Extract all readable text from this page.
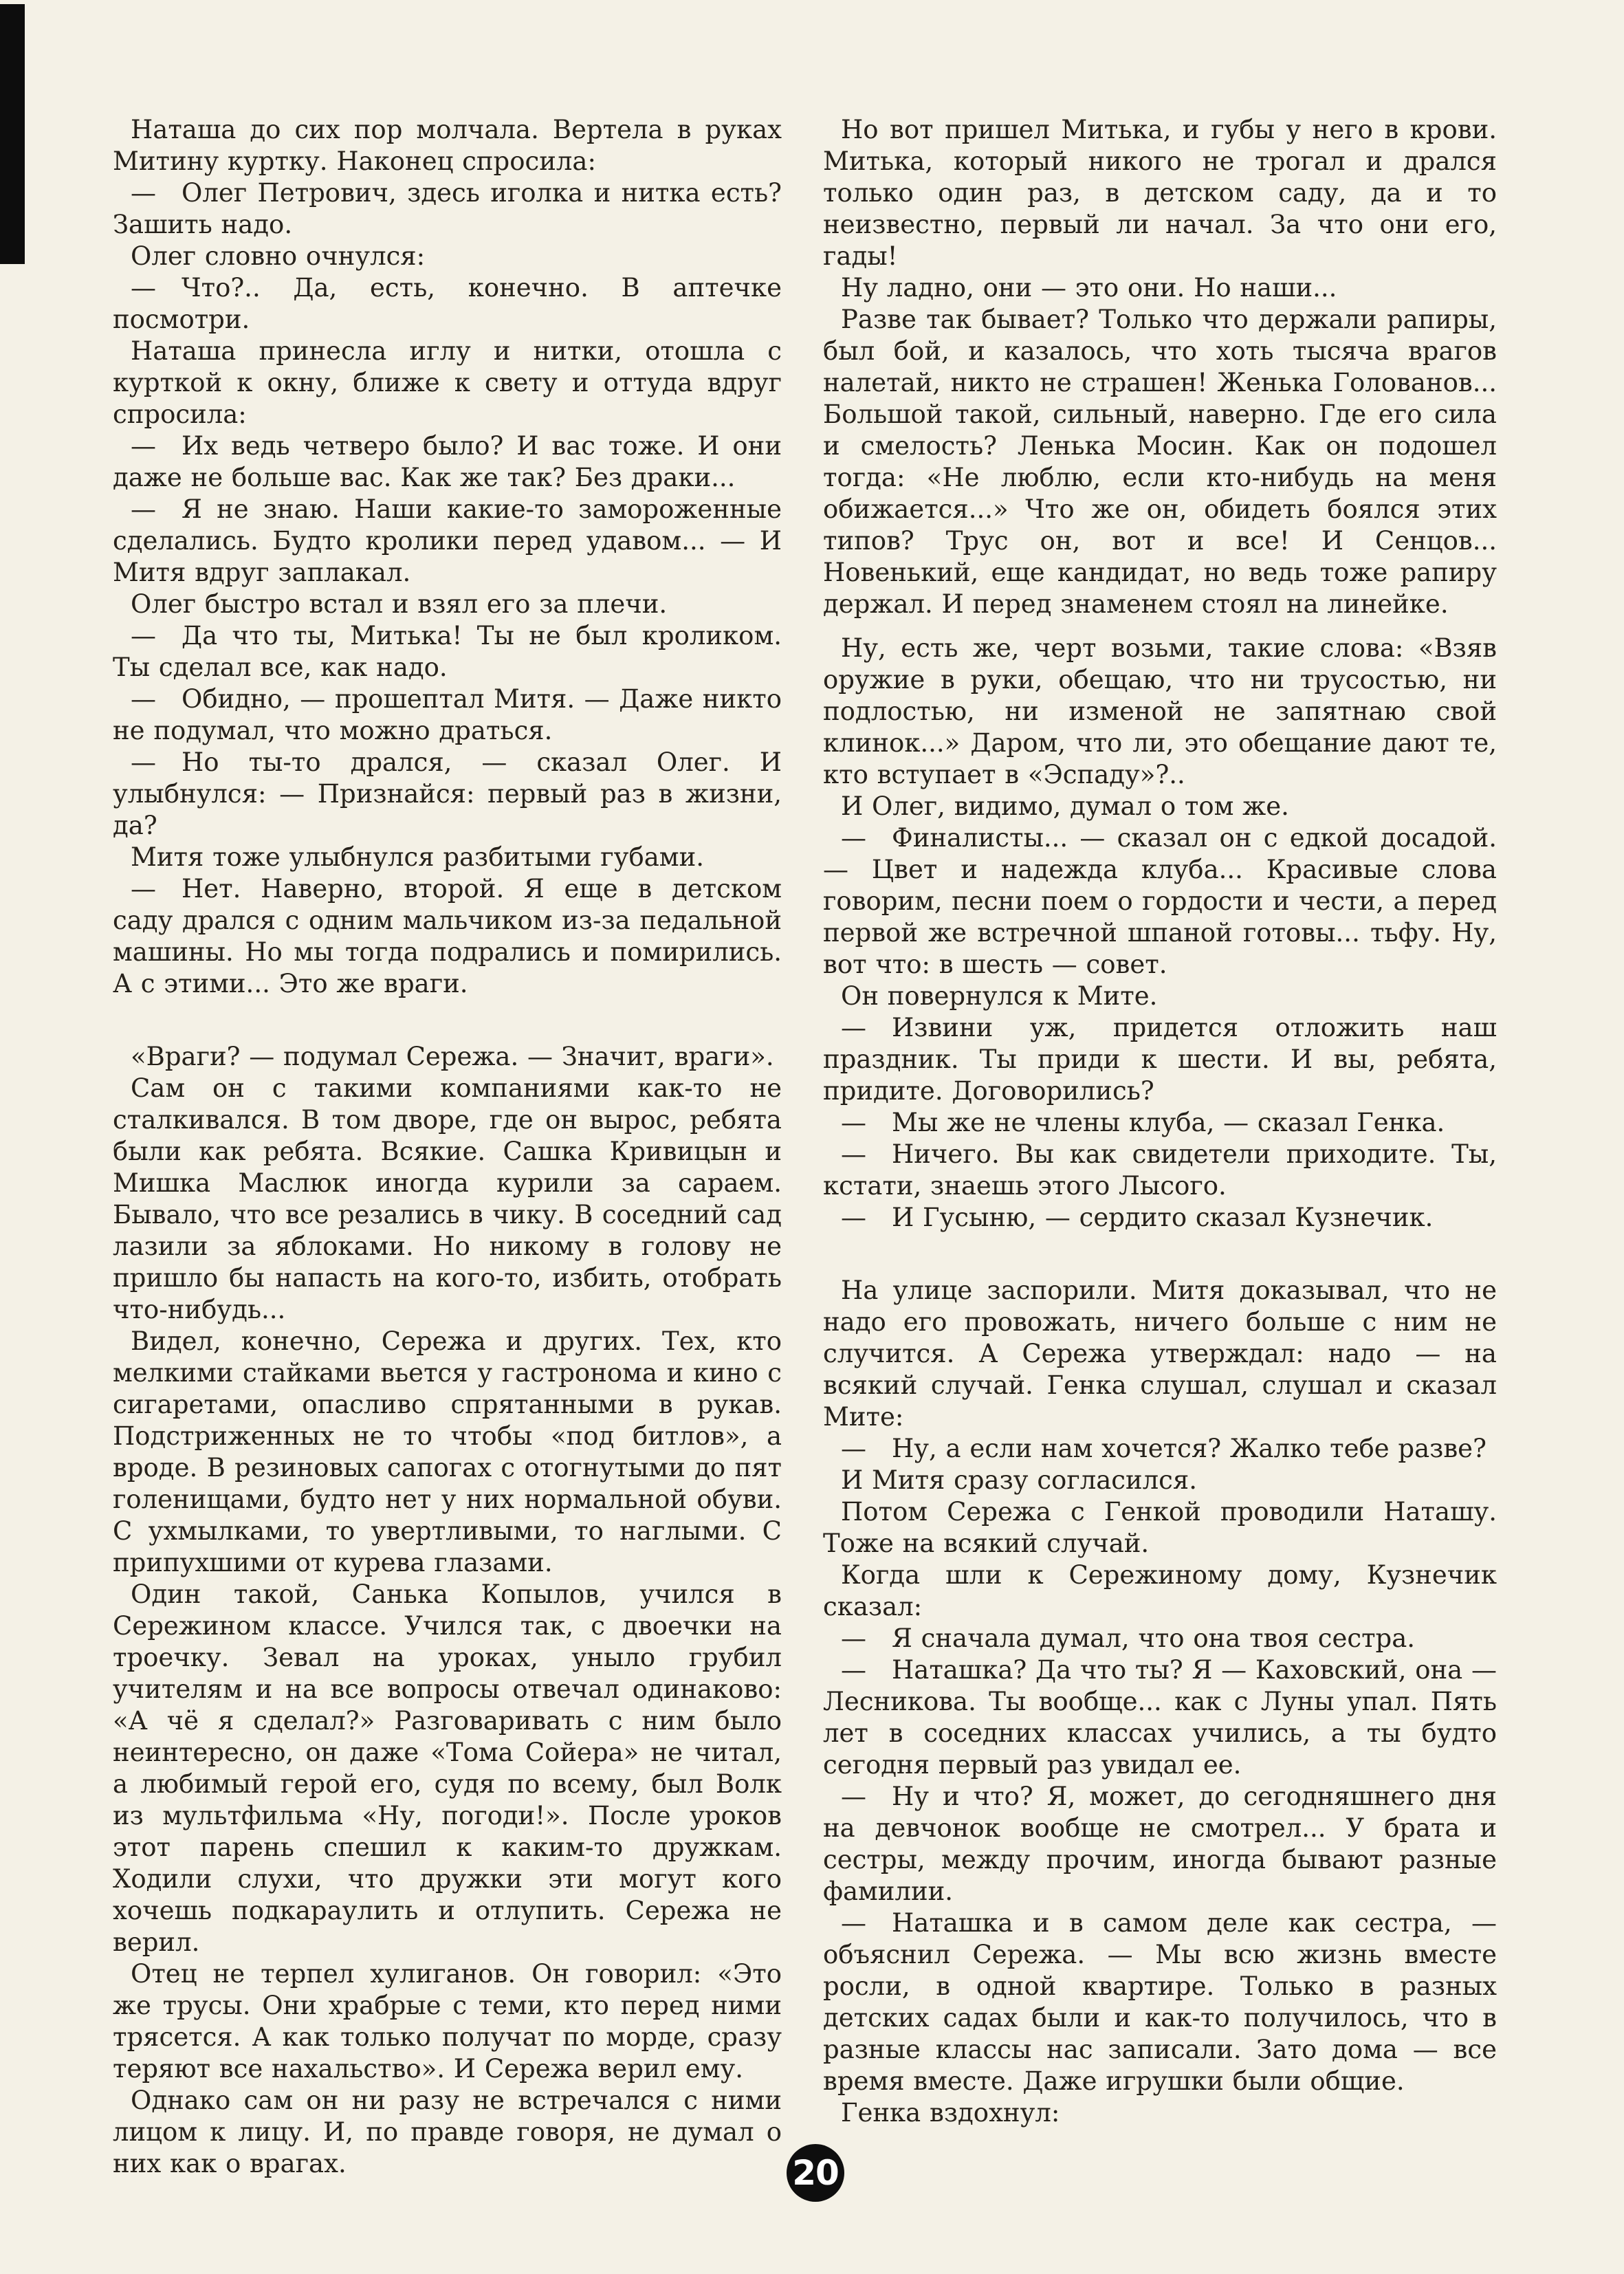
Наташа до сих пор молчала. Вертела в руках Митину куртку. Наконец спросила:

— Олег Петрович, здесь иголка и нитка есть? Зашить надо.

Олег словно очнулся:

— Что?.. Да, есть, конечно. В аптечке посмотри.

Наташа принесла иглу и нитки, отошла с курткой к окну, ближе к свету и оттуда вдруг спросила:

— Их ведь четверо было? И вас тоже. И они даже не больше вас. Как же так? Без драки...

— Я не знаю. Наши какие-то замороженные сделались. Будто кролики перед удавом... — И Митя вдруг заплакал.

Олег быстро встал и взял его за плечи.

— Да что ты, Митька! Ты не был кроликом. Ты сделал все, как надо.

— Обидно, — прошептал Митя. — Даже никто не подумал, что можно драться.

— Но ты-то дрался, — сказал Олег. И улыбнулся: — Признайся: первый раз в жизни, да?

Митя тоже улыбнулся разбитыми губами.

— Нет. Наверно, второй. Я еще в детском саду дрался с одним мальчиком из-за педальной машины. Но мы тогда подрались и помирились. А с этими... Это же враги.

«Враги? — подумал Сережа. — Значит, враги».

Сам он с такими компаниями как-то не сталкивался. В том дворе, где он вырос, ребята были как ребята. Всякие. Сашка Кривицын и Мишка Маслюк иногда курили за сараем. Бывало, что все резались в чику. В соседний сад лазили за яблоками. Но никому в голову не пришло бы напасть на кого-то, избить, отобрать что-нибудь...

Видел, конечно, Сережа и других. Тех, кто мелкими стайками вьется у гастронома и кино с сигаретами, опасливо спрятанными в рукав. Подстриженных не то чтобы «под битлов», а вроде. В резиновых сапогах с отогнутыми до пят голенищами, будто нет у них нормальной обуви. С ухмылками, то увертливыми, то наглыми. С припухшими от курева глазами.

Один такой, Санька Копылов, учился в Сережином классе. Учился так, с двоечки на троечку. Зевал на уроках, уныло грубил учителям и на все вопросы отвечал одинаково: «А чё я сделал?» Разговаривать с ним было неинтересно, он даже «Тома Сойера» не читал, а любимый герой его, судя по всему, был Волк из мультфильма «Ну, погоди!». После уроков этот парень спешил к каким-то дружкам. Ходили слухи, что дружки эти могут кого хочешь подкараулить и отлупить. Сережа не верил.

Отец не терпел хулиганов. Он говорил: «Это же трусы. Они храбрые с теми, кто перед ними трясется. А как только получат по морде, сразу теряют все нахальство». И Сережа верил ему.

Однако сам он ни разу не встречался с ними лицом к лицу. И, по правде говоря, не думал о них как о врагах.

Но вот пришел Митька, и губы у него в крови. Митька, который никого не трогал и дрался только один раз, в детском саду, да и то неизвестно, первый ли начал. За что они его, гады!

Ну ладно, они — это они. Но наши...

Разве так бывает? Только что держали рапиры, был бой, и казалось, что хоть тысяча врагов налетай, никто не страшен! Женька Голованов... Большой такой, сильный, наверно. Где его сила и смелость? Ленька Мосин. Как он подошел тогда: «Не люблю, если кто-нибудь на меня обижается...» Что же он, обидеть боялся этих типов? Трус он, вот и все! И Сенцов... Новенький, еще кандидат, но ведь тоже рапиру держал. И перед знаменем стоял на линейке.

Ну, есть же, черт возьми, такие слова: «Взяв оружие в руки, обещаю, что ни трусостью, ни подлостью, ни изменой не запятнаю свой клинок...» Даром, что ли, это обещание дают те, кто вступает в «Эспаду»?..

И Олег, видимо, думал о том же.

— Финалисты... — сказал он с едкой досадой. — Цвет и надежда клуба... Красивые слова говорим, песни поем о гордости и чести, а перед первой же встречной шпаной готовы... тьфу. Ну, вот что: в шесть — совет.

Он повернулся к Мите.

— Извини уж, придется отложить наш праздник. Ты приди к шести. И вы, ребята, придите. Договорились?

— Мы же не члены клуба, — сказал Генка.

— Ничего. Вы как свидетели приходите. Ты, кстати, знаешь этого Лысого.

— И Гусыню, — сердито сказал Кузнечик.

На улице заспорили. Митя доказывал, что не надо его провожать, ничего больше с ним не случится. А Сережа утверждал: надо — на всякий случай. Генка слушал, слушал и сказал Мите:

— Ну, а если нам хочется? Жалко тебе разве?

И Митя сразу согласился.

Потом Сережа с Генкой проводили Наташу. Тоже на всякий случай.

Когда шли к Сережиному дому, Кузнечик сказал:

— Я сначала думал, что она твоя сестра.

— Наташка? Да что ты? Я — Каховский, она — Лесникова. Ты вообще... как с Луны упал. Пять лет в соседних классах учились, а ты будто сегодня первый раз увидал ее.

— Ну и что? Я, может, до сегодняшнего дня на девчонок вообще не смотрел... У брата и сестры, между прочим, иногда бывают разные фамилии.

— Наташка и в самом деле как сестра, — объяснил Сережа. — Мы всю жизнь вместе росли, в одной квартире. Только в разных детских садах были и как-то получилось, что в разные классы нас записали. Зато дома — все время вместе. Даже игрушки были общие.

Генка вздохнул:

20
